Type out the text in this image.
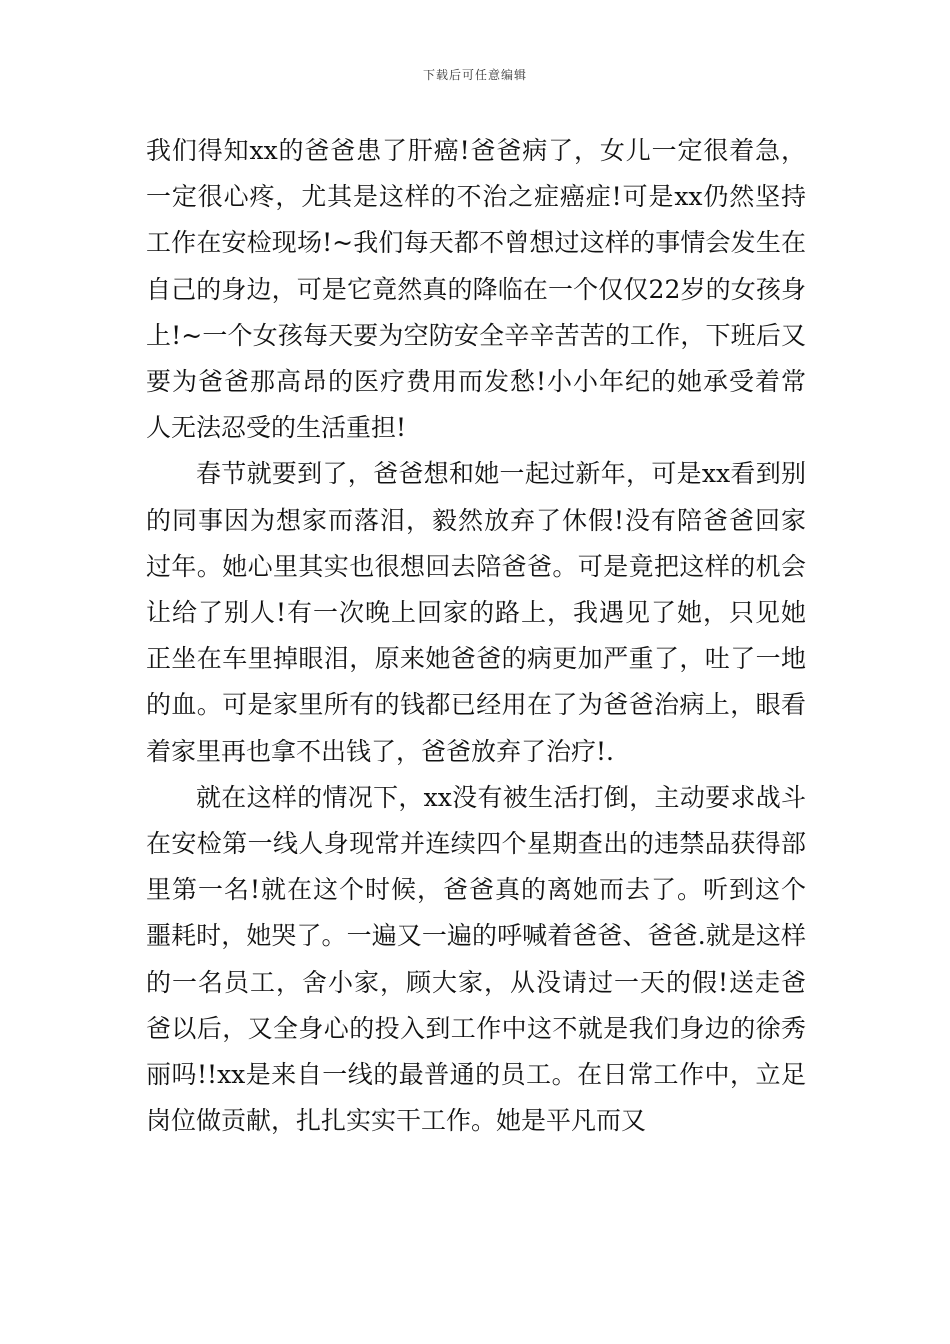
下载后可任意编辑

我们得知xx的爸爸患了肝癌!爸爸病了，女儿一定很着急，一定很心疼，尤其是这样的不治之症癌症!可是xx仍然坚持工作在安检现场!~我们每天都不曾想过这样的事情会发生在自己的身边，可是它竟然真的降临在一个仅仅22岁的女孩身上!~一个女孩每天要为空防安全辛辛苦苦的工作，下班后又要为爸爸那高昂的医疗费用而发愁!小小年纪的她承受着常人无法忍受的生活重担!

春节就要到了，爸爸想和她一起过新年，可是xx看到别的同事因为想家而落泪，毅然放弃了休假!没有陪爸爸回家过年。她心里其实也很想回去陪爸爸。可是竟把这样的机会让给了别人!有一次晚上回家的路上，我遇见了她，只见她正坐在车里掉眼泪，原来她爸爸的病更加严重了，吐了一地的血。可是家里所有的钱都已经用在了为爸爸治病上，眼看着家里再也拿不出钱了，爸爸放弃了治疗!.

就在这样的情况下，xx没有被生活打倒，主动要求战斗在安检第一线人身现常并连续四个星期查出的违禁品获得部里第一名!就在这个时候，爸爸真的离她而去了。听到这个噩耗时，她哭了。一遍又一遍的呼喊着爸爸、爸爸.就是这样的一名员工，舍小家，顾大家，从没请过一天的假!送走爸爸以后，又全身心的投入到工作中这不就是我们身边的徐秀丽吗!!xx是来自一线的最普通的员工。在日常工作中，立足岗位做贡献，扎扎实实干工作。她是平凡而又
